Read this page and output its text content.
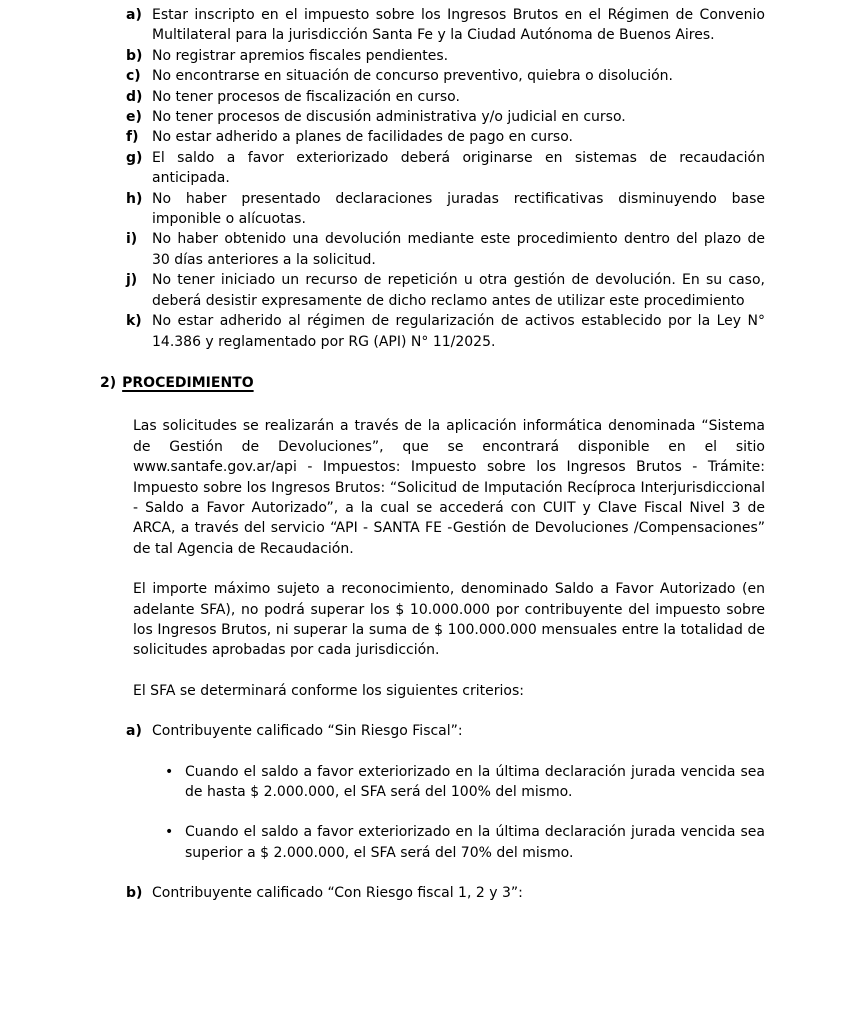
a) Estar inscripto en el impuesto sobre los Ingresos Brutos en el Régimen de Convenio Multilateral para la jurisdicción Santa Fe y la Ciudad Autónoma de Buenos Aires.
b) No registrar apremios fiscales pendientes.
c) No encontrarse en situación de concurso preventivo, quiebra o disolución.
d) No tener procesos de fiscalización en curso.
e) No tener procesos de discusión administrativa y/o judicial en curso.
f) No estar adherido a planes de facilidades de pago en curso.
g) El saldo a favor exteriorizado deberá originarse en sistemas de recaudación anticipada.
h) No haber presentado declaraciones juradas rectificativas disminuyendo base imponible o alícuotas.
i)	No haber obtenido una devolución mediante este procedimiento dentro del plazo de 30 días anteriores a la solicitud.
j)	No tener iniciado un recurso de repetición u otra gestión de devolución. En su caso, deberá desistir expresamente de dicho reclamo antes de utilizar este procedimiento
k) No estar adherido al régimen de regularización de activos establecido por la Ley N° 14.386 y reglamentado por RG (API) N° 11/2025.
2) PROCEDIMIENTO

Las solicitudes se realizarán a través de la aplicación informática denominada “Sistema de Gestión de Devoluciones”, que se encontrará disponible en el sitio www.santafe.gov.ar/api - Impuestos: Impuesto sobre los Ingresos Brutos - Trámite: Impuesto sobre los Ingresos Brutos: “Solicitud de Imputación Recíproca Interjurisdiccional - Saldo a Favor Autorizado”, a la cual se accederá con CUIT y Clave Fiscal Nivel 3 de ARCA, a través del servicio “API - SANTA FE -Gestión de Devoluciones /Compensaciones” de tal Agencia de Recaudación.

El importe máximo sujeto a reconocimiento, denominado Saldo a Favor Autorizado (en adelante SFA), no podrá superar los $ 10.000.000 por contribuyente del impuesto sobre los Ingresos Brutos, ni superar la suma de $ 100.000.000 mensuales entre la totalidad de solicitudes aprobadas por cada jurisdicción.

El SFA se determinará conforme los siguientes criterios:

a) Contribuyente calificado “Sin Riesgo Fiscal”:
• Cuando el saldo a favor exteriorizado en la última declaración jurada vencida sea de hasta $ 2.000.000, el SFA será del 100% del mismo.
• Cuando el saldo a favor exteriorizado en la última declaración jurada vencida sea superior a $ 2.000.000, el SFA será del 70% del mismo.
b) Contribuyente calificado “Con Riesgo fiscal 1, 2 y 3”:
